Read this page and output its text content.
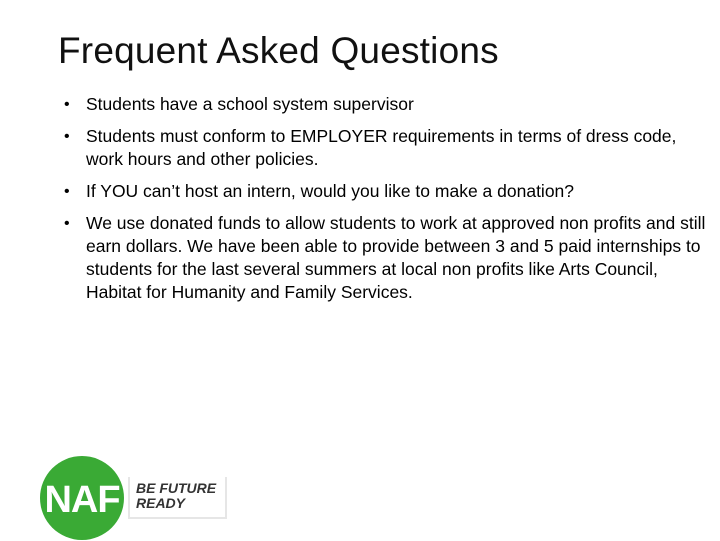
Frequent Asked Questions
• Students have a school system supervisor
• Students must conform to EMPLOYER requirements in terms of dress code, work hours and other policies.
• If YOU can’t host an intern, would you like to make a donation?
• We use donated funds to allow students to work at approved non profits and still earn dollars. We have been able to provide between 3 and 5 paid internships to students for the last several summers at local non profits like Arts Council, Habitat for Humanity and Family Services.
NAF BE FUTURE
READY
